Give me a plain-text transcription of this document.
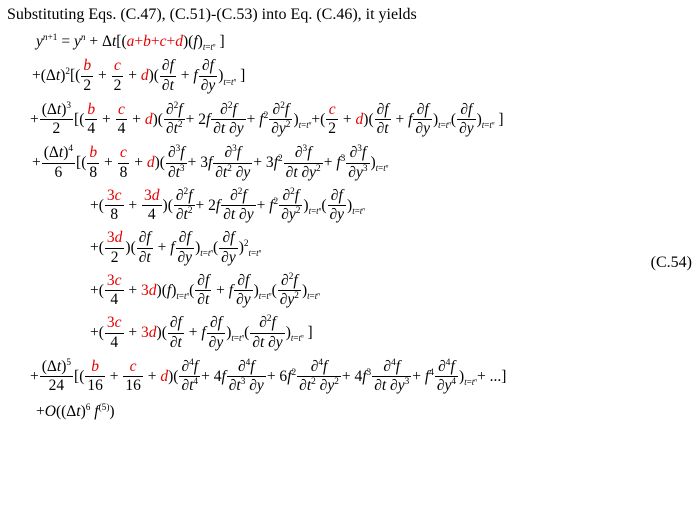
Substituting Eqs. (C.47), (C.51)-(C.53) into Eq. (C.46), it yields

$y^{n+1} = y^n + \Delta t[(a+b+c+d)(f)_{t=t^n}$ ]
$+(\Delta t)^2[( \frac{b}{2} + \frac{c}{2} + d)( \frac{\partial f}{\partial t} + f \frac{\partial f}{\partial y} )_{t=t^n}$ ]
+ $\frac{(\Delta t)^3}{2}$ [( $\frac{b}{4} + \frac{c}{4} + d)( \frac{\partial^2f}{\partial t^2} + 2f \frac{\partial^2f}{\partial t \partial y} + f^2 \frac{\partial^2f}{\partial y^2} )_{t=t^n}+( \frac{c}{2} + d)( \frac{\partial f}{\partial t} + f \frac{\partial f}{\partial y} )_{t=t^n}( \frac{\partial f}{\partial y} )_{t=t^n}$ ]
+ $\frac{(\Delta t)^4}{6}$ [( $\frac{b}{8} + \frac{c}{8} + d)( \frac{\partial^3f}{\partial t^3} + 3f \frac{\partial^3f}{\partial t^2 \partial y} + 3f^2 \frac{\partial^3f}{\partial t \partial y^2} + f^3 \frac{\partial^3f}{\partial y^3} )_{t=t^n}$
+( $\frac{3c}{8} + \frac{3d}{4}$ )( $\frac{\partial^2f}{\partial t^2} + 2f \frac{\partial^2f}{\partial t \partial y} + f^2 \frac{\partial^2f}{\partial y^2} )_{t=t^n}( \frac{\partial f}{\partial y} )_{t=t^n}$
+( $\frac{3d}{2}$ )( $\frac{\partial f}{\partial t} + f \frac{\partial f}{\partial y} )_{t=t^n}( \frac{\partial f}{\partial y} )^2_{t=t^n}$
+( $\frac{3c}{4} + 3d)(f)_{t=t^n}( \frac{\partial f}{\partial t} + f \frac{\partial f}{\partial y} )_{t=t^n}( \frac{\partial^2f}{\partial y^2} )_{t=t^n}$
+( $\frac{3c}{4} + 3d)( \frac{\partial f}{\partial t} + f \frac{\partial f}{\partial y} )_{t=t^n}( \frac{\partial^2f}{\partial t \partial y} )_{t=t^n}$ ]
+ $\frac{(\Delta t)^5}{24}$ [( $\frac{b}{16} + \frac{c}{16} + d)( \frac{\partial^4f}{\partial t^4} + 4f \frac{\partial^4f}{\partial t^3 \partial y} + 6f^2 \frac{\partial^4f}{\partial t^2 \partial y^2} + 4f^3 \frac{\partial^4f}{\partial t \partial y^3} + f^4 \frac{\partial^4f}{\partial y^4} )_{t=t^n}+$ ...]
$+O((\Delta t)^6$ $f^{(5)}$)
(C.54)
